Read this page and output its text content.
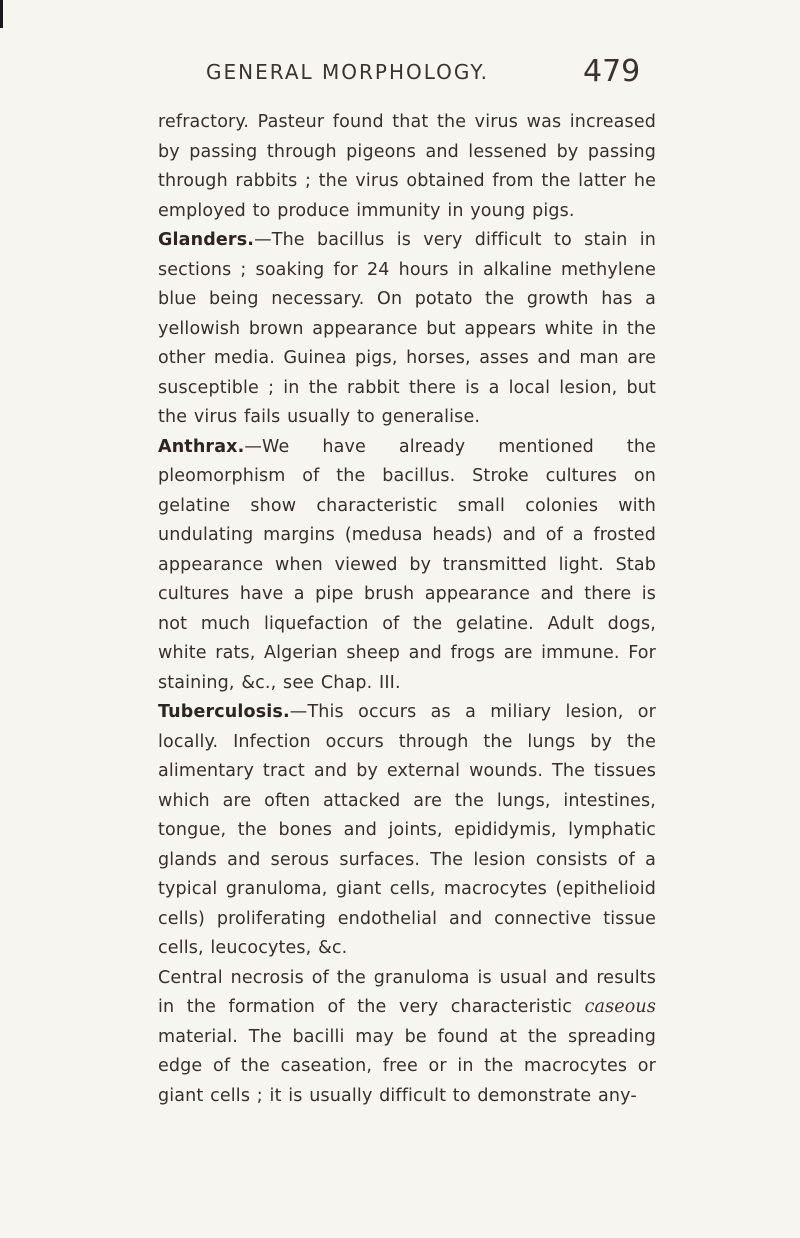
GENERAL MORPHOLOGY.	479

refractory. Pasteur found that the virus was increased by passing through pigeons and lessened by passing through rabbits ; the virus obtained from the latter he employed to produce immunity in young pigs.

Glanders.—The bacillus is very difficult to stain in sections ; soaking for 24 hours in alkaline methylene blue being necessary. On potato the growth has a yellowish brown appearance but appears white in the other media. Guinea pigs, horses, asses and man are susceptible ; in the rabbit there is a local lesion, but the virus fails usually to generalise.

Anthrax.—We have already mentioned the pleomorphism of the bacillus. Stroke cultures on gelatine show characteristic small colonies with undulating margins (medusa heads) and of a frosted appearance when viewed by transmitted light. Stab cultures have a pipe brush appearance and there is not much liquefaction of the gelatine. Adult dogs, white rats, Algerian sheep and frogs are immune. For staining, &c., see Chap. III.

Tuberculosis.—This occurs as a miliary lesion, or locally. Infection occurs through the lungs by the alimentary tract and by external wounds. The tissues which are often attacked are the lungs, intestines, tongue, the bones and joints, epididymis, lymphatic glands and serous surfaces. The lesion consists of a typical granuloma, giant cells, macrocytes (epithelioid cells) proliferating endothelial and connective tissue cells, leucocytes, &c.

Central necrosis of the granuloma is usual and results in the formation of the very characteristic caseous material. The bacilli may be found at the spreading edge of the caseation, free or in the macrocytes or giant cells ; it is usually difficult to demonstrate any-
